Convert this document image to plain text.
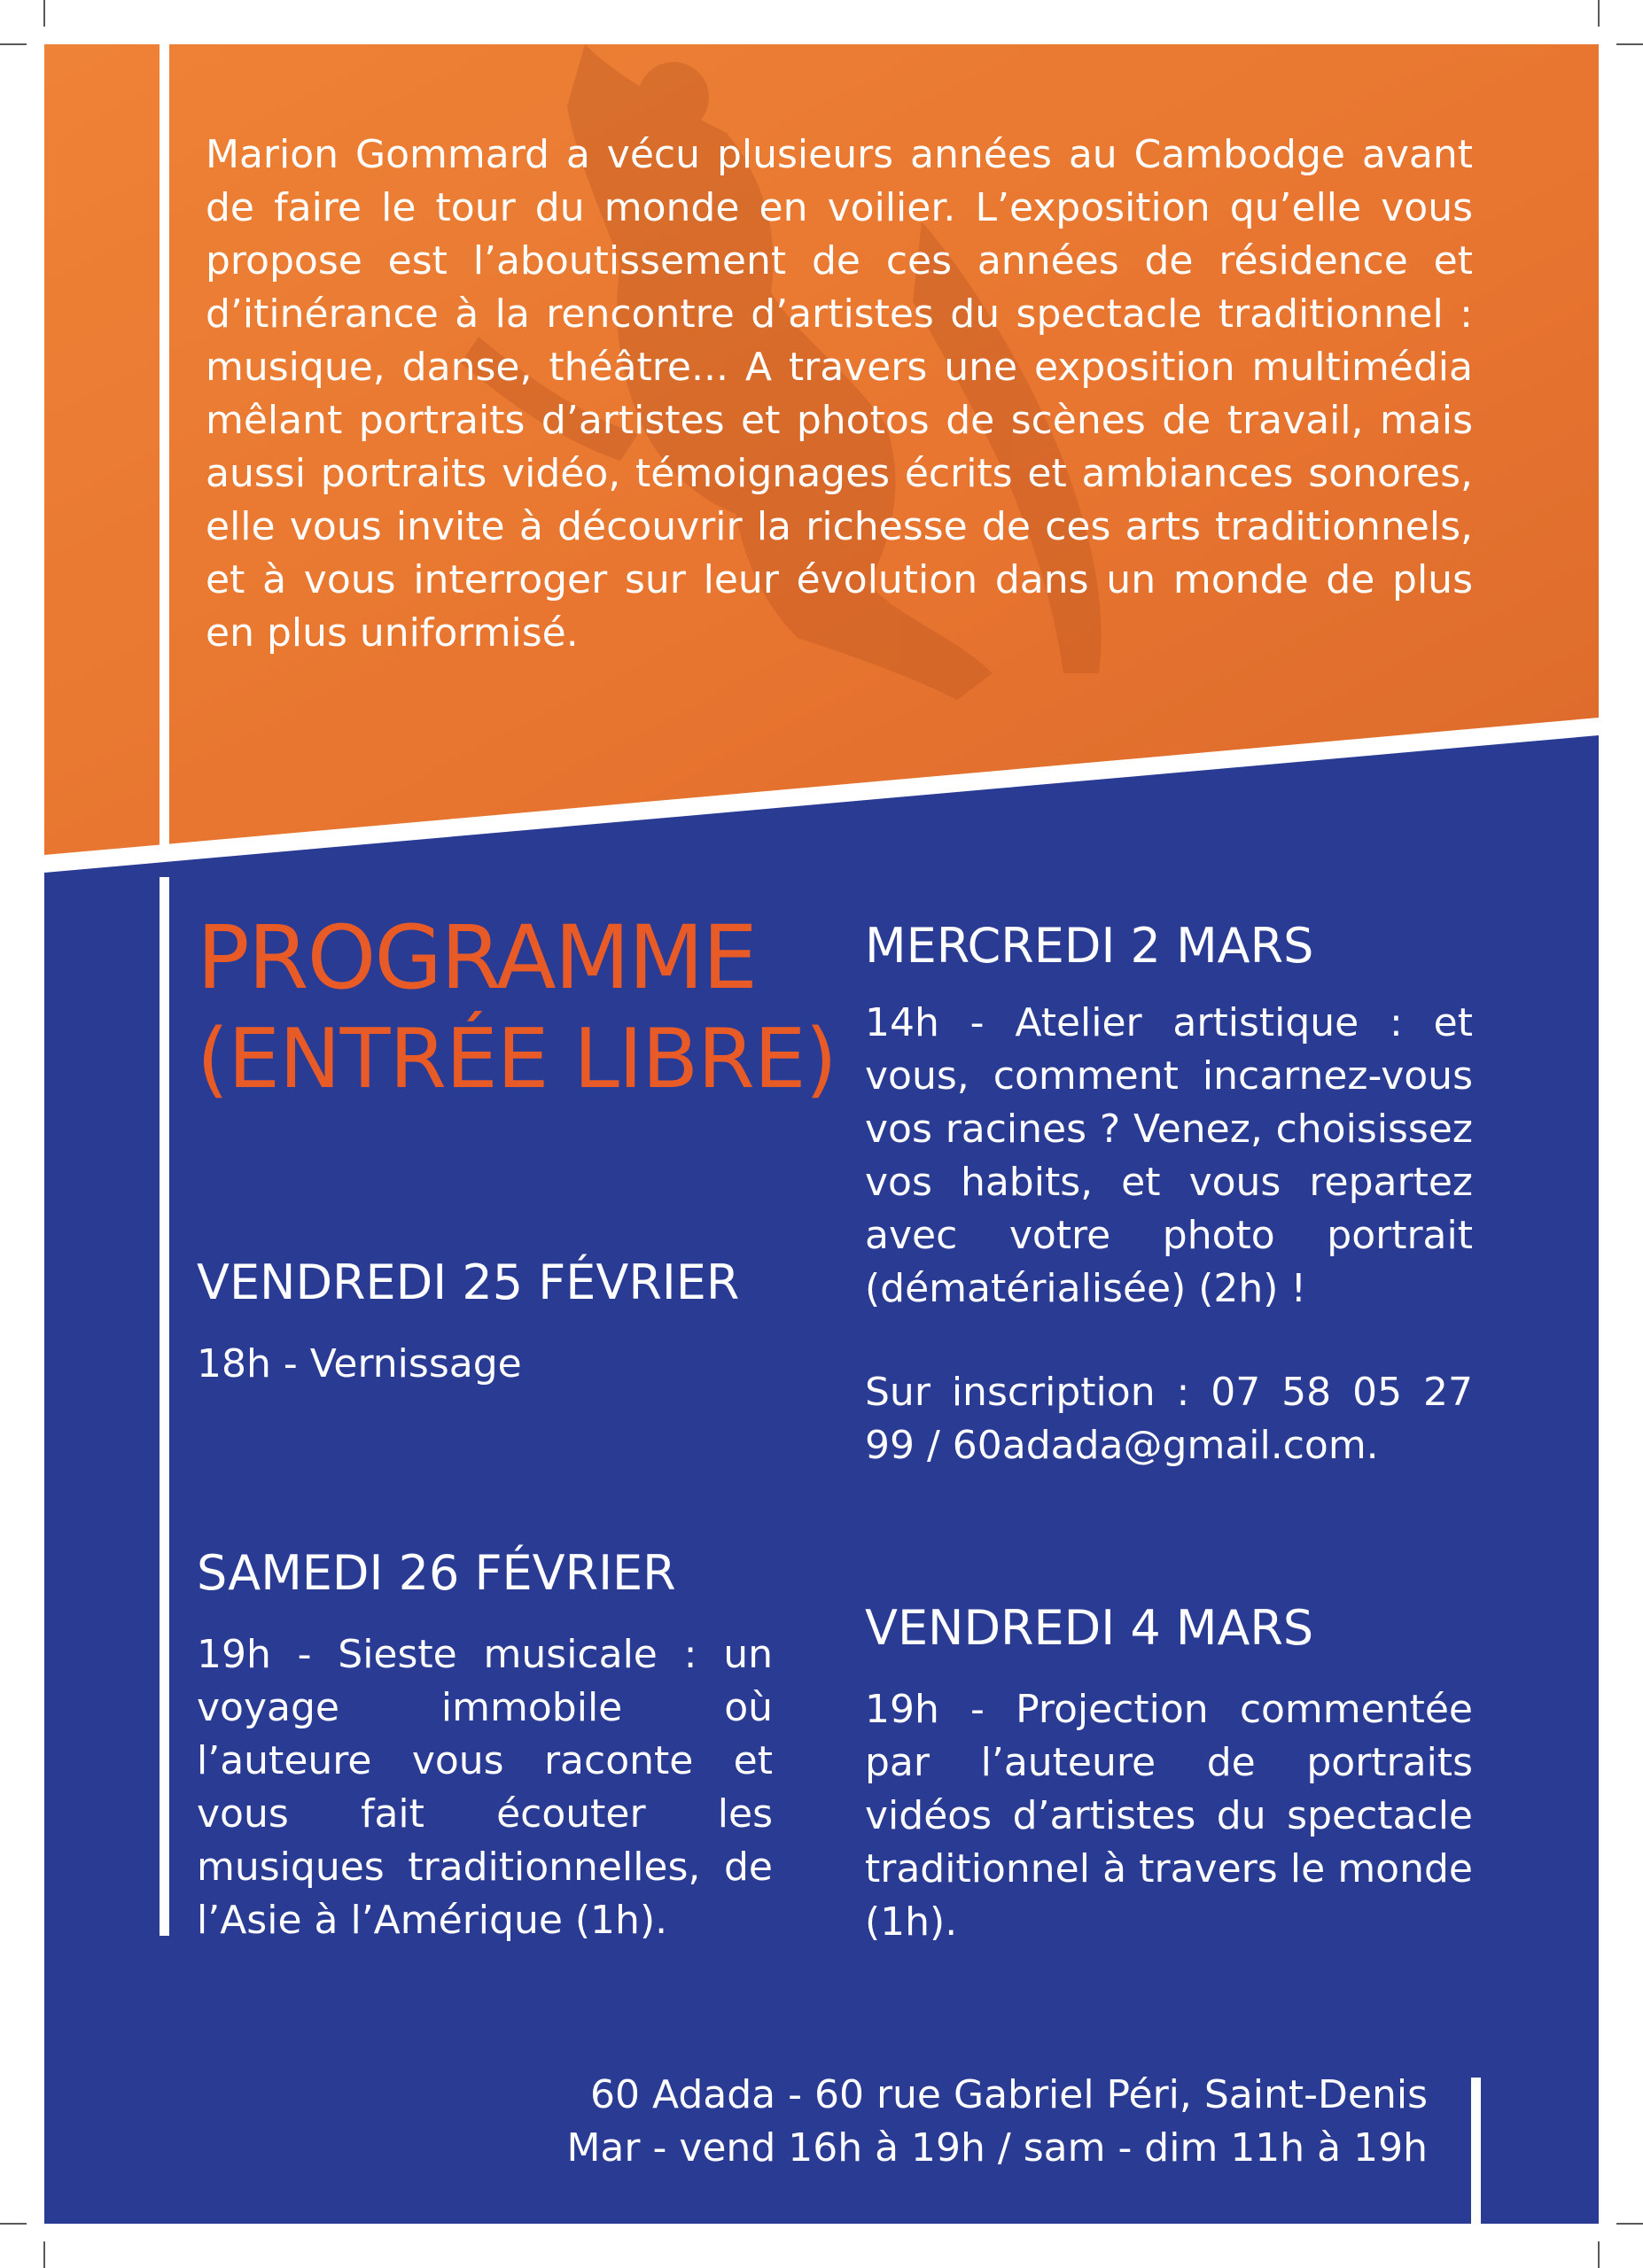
Marion Gommard a vécu plusieurs années au Cambodge avant de faire le tour du monde en voilier. L’exposition qu’elle vous propose est l’aboutissement de ces années de résidence et d’itinérance à la rencontre d’artistes du spectacle traditionnel : musique, danse, théâtre... A travers une exposition multimédia mêlant portraits d’artistes et photos de scènes de travail, mais aussi portraits vidéo, témoignages écrits et ambiances sonores, elle vous invite à découvrir la richesse de ces arts traditionnels, et à vous interroger sur leur évolution dans un monde de plus en plus uniformisé.

PROGRAMME
(ENTRÉE LIBRE)
VENDREDI 25 FÉVRIER

18h - Vernissage

SAMEDI 26 FÉVRIER

19h - Sieste musicale : un voyage immobile où l’auteure vous raconte et vous fait écouter les musiques traditionnelles, de l’Asie à l’Amérique (1h).

MERCREDI 2 MARS

14h - Atelier artistique : et vous, comment incarnez-vous vos racines ? Venez, choisissez vos habits, et vous repartez avec votre photo portrait (dématérialisée) (2h) !

Sur inscription : 07 58 05 27 99 / 60adada@gmail.com.

VENDREDI 4 MARS

19h - Projection commentée par l’auteure de portraits vidéos d’artistes du spectacle traditionnel à travers le monde (1h).

60 Adada - 60 rue Gabriel Péri, Saint-Denis
Mar - vend 16h à 19h / sam - dim 11h à 19h
